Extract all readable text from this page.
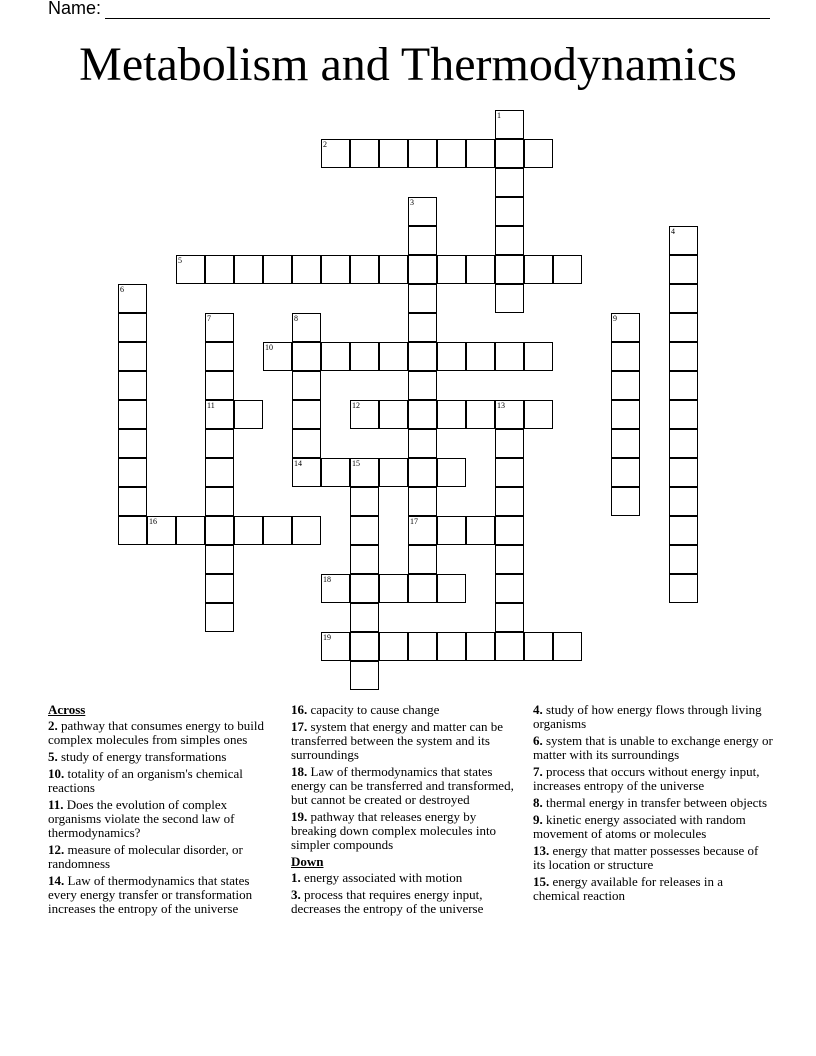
Name:
Metabolism and Thermodynamics
1
2
3
17
4
5
6
7
11
8	9
10
12	13
14	15
16
18
19
Across
2. pathway that consumes energy to build complex molecules from simples ones
5. study of energy transformations
10. totality of an organism's chemical reactions
11. Does the evolution of complex organisms violate the second law of thermodynamics?
12. measure of molecular disorder, or randomness
14. Law of thermodynamics that states every energy transfer or transformation increases the entropy of the universe
16. capacity to cause change
17. system that energy and matter can be transferred between the system and its surroundings
18. Law of thermodynamics that states energy can be transferred and transformed, but cannot be created or destroyed
19. pathway that releases energy by breaking down complex molecules into simpler compounds
Down
1. energy associated with motion
3. process that requires energy input, decreases the entropy of the universe
4. study of how energy flows through living organisms
6. system that is unable to exchange energy or matter with its surroundings
7. process that occurs without energy input, increases entropy of the universe
8. thermal energy in transfer between objects
9. kinetic energy associated with random movement of atoms or molecules
13. energy that matter possesses because of its location or structure
15. energy available for releases in a chemical reaction
